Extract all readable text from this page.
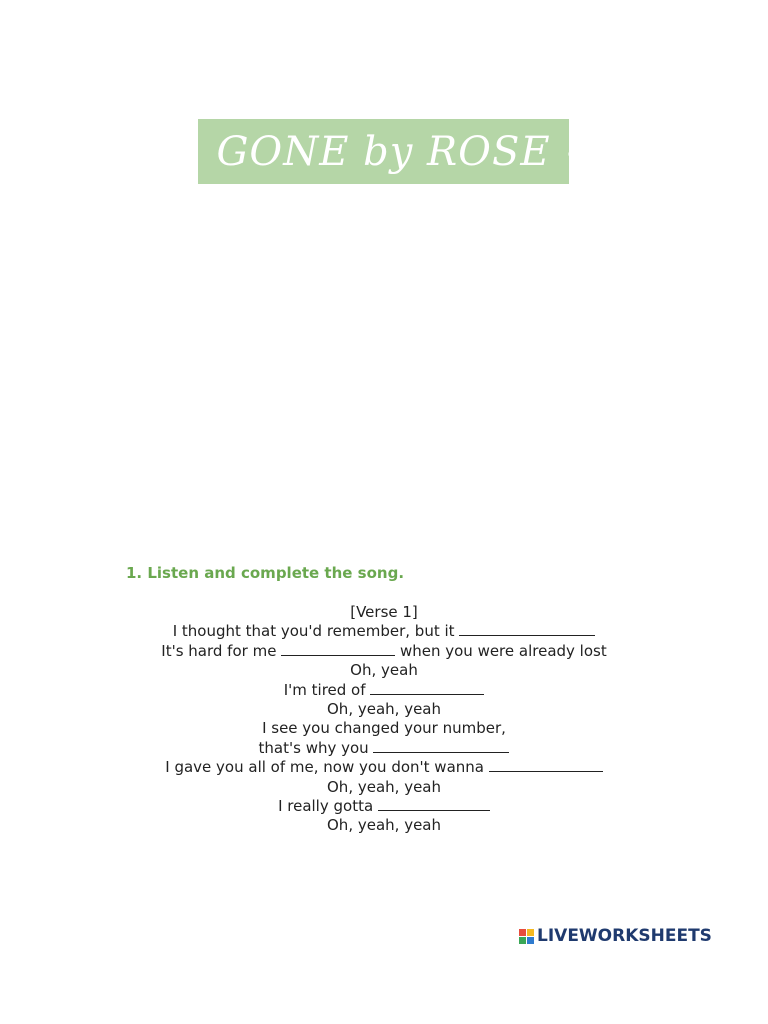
~ GONE by ROSE ~
1. Listen and complete the song.
[Verse 1]
I thought that you'd remember, but it
It's hard for me	when you were already lost
Oh, yeah
I'm tired of
Oh, yeah, yeah
I see you changed your number,
that's why you
I gave you all of me, now you don't wanna
Oh, yeah, yeah
I really gotta
Oh, yeah, yeah
LIVEWORKSHEETS
